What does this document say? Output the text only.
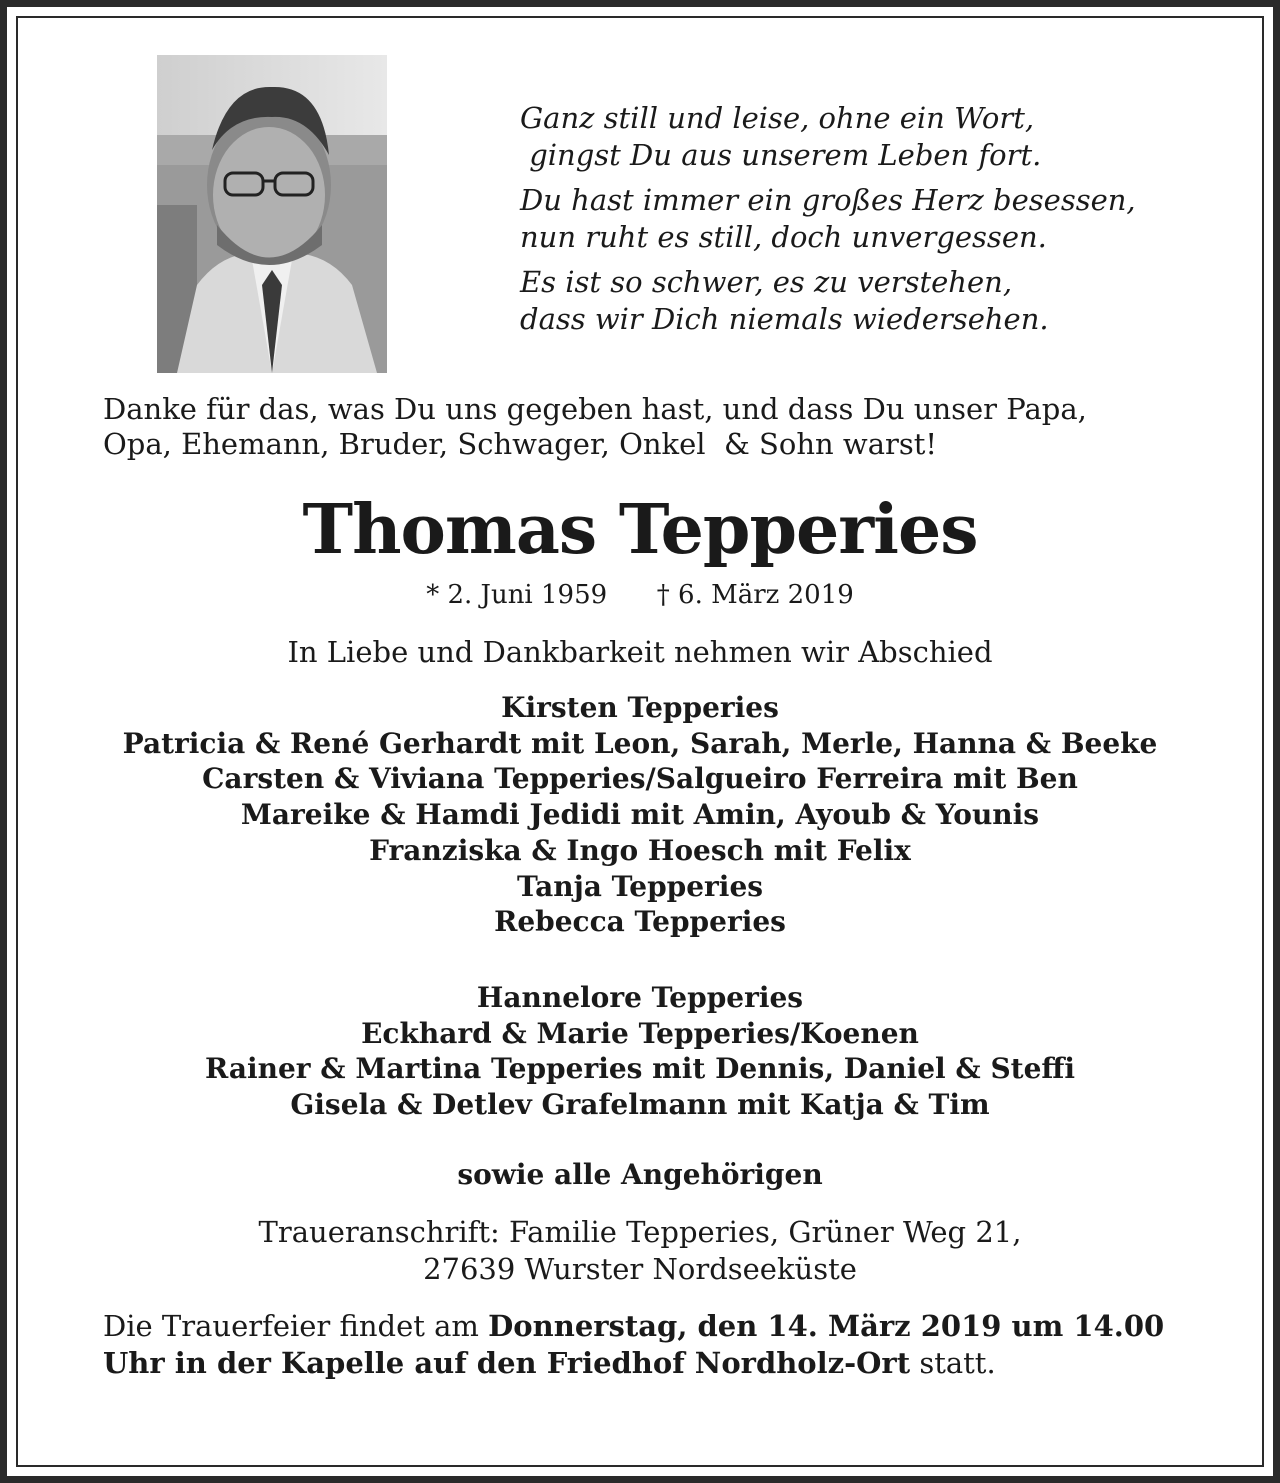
Ganz still und leise, ohne ein Wort,
gingst Du aus unserem Leben fort.
Du hast immer ein großes Herz besessen,
nun ruht es still, doch unvergessen.
Es ist so schwer, es zu verstehen,
dass wir Dich niemals wiedersehen.
Danke für das, was Du uns gegeben hast, und dass Du unser Papa,
Opa, Ehemann, Bruder, Schwager, Onkel  & Sohn warst!
Thomas Tepperies
* 2. Juni 1959 † 6. März 2019
In Liebe und Dankbarkeit nehmen wir Abschied
Kirsten Tepperies
Patricia & René Gerhardt mit Leon, Sarah, Merle, Hanna & Beeke
Carsten & Viviana Tepperies/Salgueiro Ferreira mit Ben
Mareike & Hamdi Jedidi mit Amin, Ayoub & Younis
Franziska & Ingo Hoesch mit Felix
Tanja Tepperies
Rebecca Tepperies
Hannelore Tepperies
Eckhard & Marie Tepperies/Koenen
Rainer & Martina Tepperies mit Dennis, Daniel & Steffi
Gisela & Detlev Grafelmann mit Katja & Tim
sowie alle Angehörigen
Traueranschrift: Familie Tepperies, Grüner Weg 21,
27639 Wurster Nordseeküste
Die Trauerfeier findet am Donnerstag, den 14. März 2019 um 14.00
Uhr in der Kapelle auf den Friedhof Nordholz-Ort statt.
